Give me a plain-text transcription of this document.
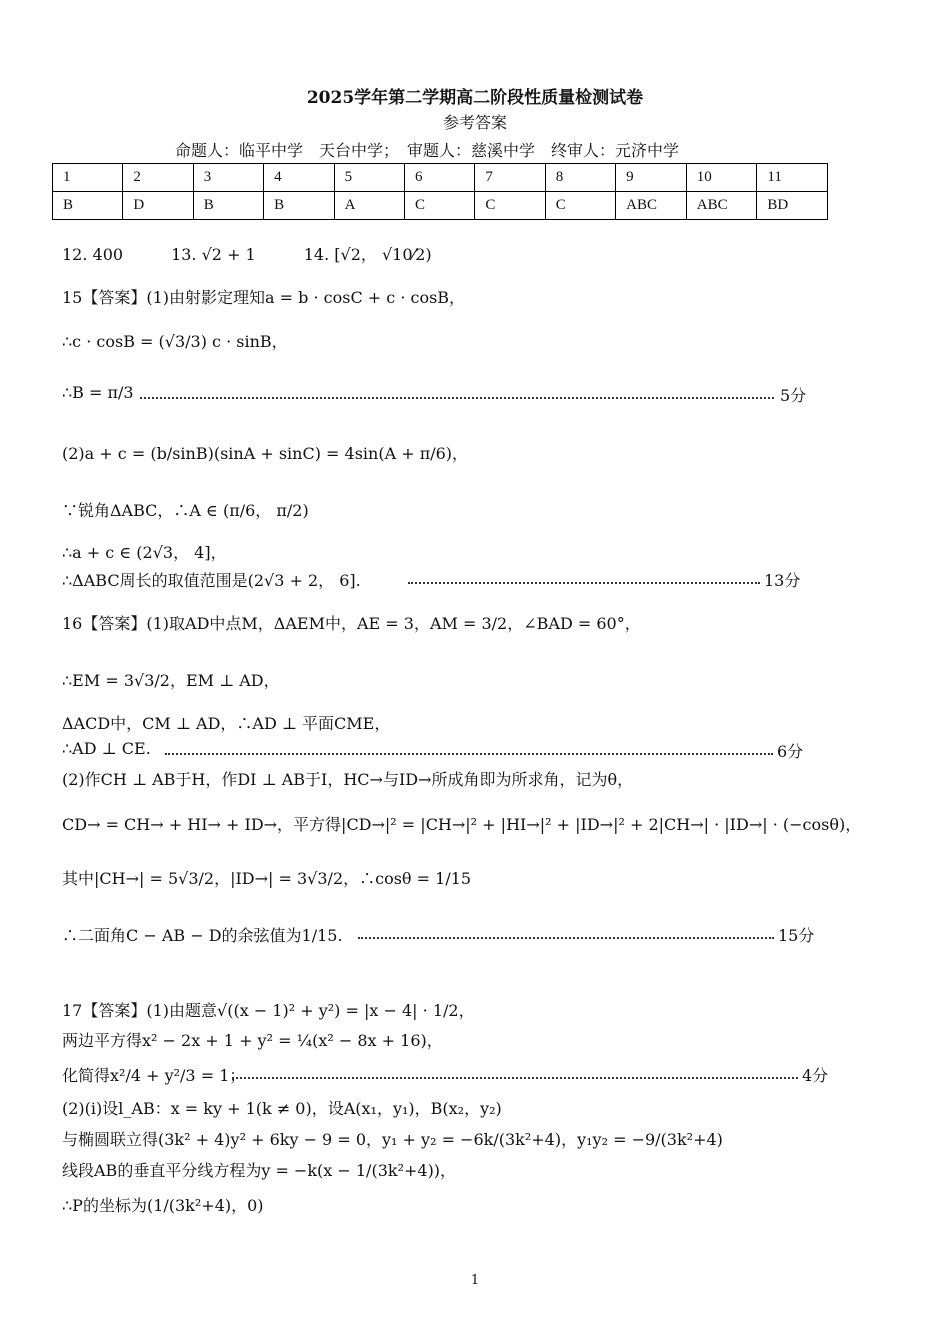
2025学年第二学期高二阶段性质量检测试卷
参考答案
命题人：临平中学　天台中学；　审题人：慈溪中学　终审人：元济中学
1	2	3	4	5	6	7	8	9	10	11
B	D	B	B	A	C	C	C	ABC	ABC	BD
12. 400　　　13. √2 + 1　　　14. [√2， √10⁄2)
15【答案】(1)由射影定理知a = b · cosC + c · cosB，
∴c · cosB = (√3/3) c · sinB，
∴B = π/3	5分
(2)a + c = (b/sinB)(sinA + sinC) = 4sin(A + π/6)，
∵锐角ΔABC，∴A ∈ (π/6， π/2)
∴a + c ∈ (2√3， 4]，
∴ΔABC周长的取值范围是(2√3 + 2， 6].	13分
16【答案】(1)取AD中点M，ΔAEM中，AE = 3，AM = 3/2，∠BAD = 60°，
∴EM = 3√3/2，EM ⊥ AD，
ΔACD中，CM ⊥ AD，∴AD ⊥ 平面CME，
∴AD ⊥ CE.	6分
(2)作CH ⊥ AB于H，作DI ⊥ AB于I，HC→与ID→所成角即为所求角，记为θ，
CD→ = CH→ + HI→ + ID→，平方得|CD→|² = |CH→|² + |HI→|² + |ID→|² + 2|CH→| · |ID→| · (−cosθ)，
其中|CH→| = 5√3/2，|ID→| = 3√3/2，∴cosθ = 1/15
∴二面角C − AB − D的余弦值为1/15.	15分
17【答案】(1)由题意√((x − 1)² + y²) = |x − 4| · 1/2，
两边平方得x² − 2x + 1 + y² = ¼(x² − 8x + 16)，
化简得x²/4 + y²/3 = 1；	4分
(2)(i)设l_AB：x = ky + 1(k ≠ 0)，设A(x₁，y₁)，B(x₂，y₂)
与椭圆联立得(3k² + 4)y² + 6ky − 9 = 0，y₁ + y₂ = −6k/(3k²+4)，y₁y₂ = −9/(3k²+4)
线段AB的垂直平分线方程为y = −k(x − 1/(3k²+4))，
∴P的坐标为(1/(3k²+4)，0)
1
